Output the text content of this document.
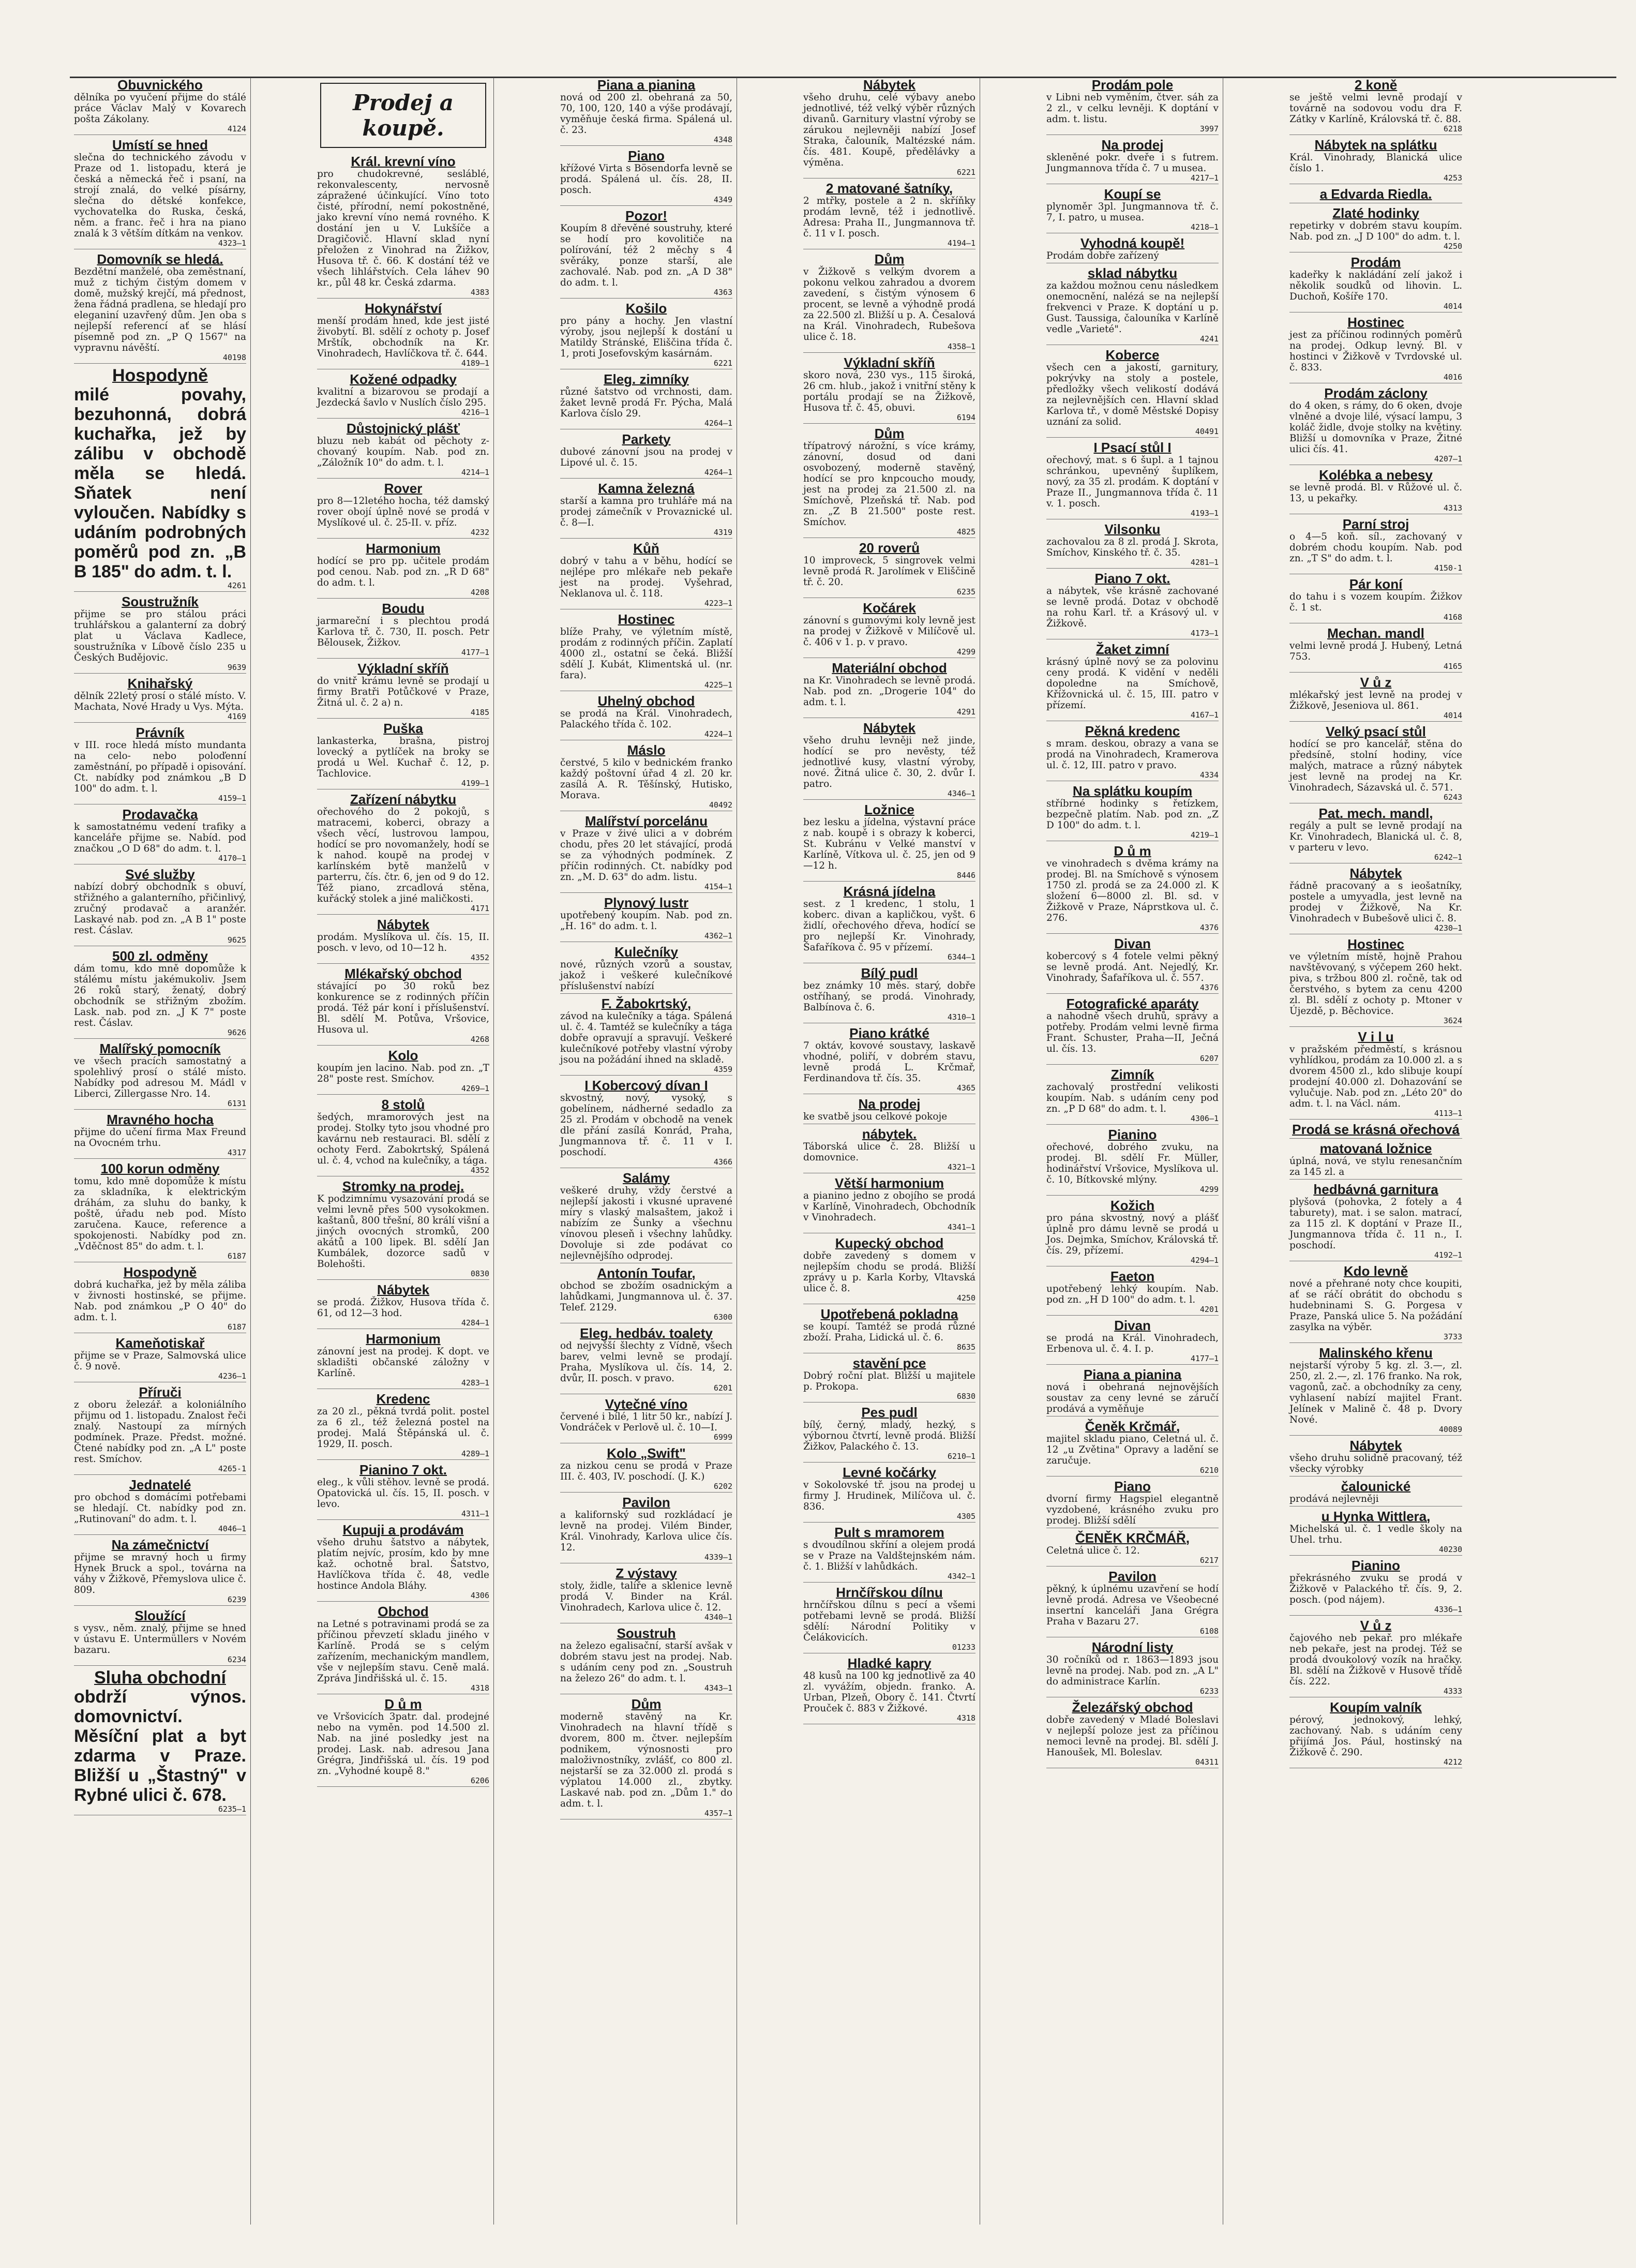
Obuvnického

dělníka po vyučení přijme do stálé práce Václav Malý v Kovarech pošta Zákolany.

4124
Umístí se hned

slečna do technického závodu v Praze od 1. listopadu, která je česká a německá řeč i psaní, na strojí znalá, do velké písárny, slečna do dětské konfekce, vychovatelka do Ruska, česká, něm. a franc. řeč i hra na piano znalá k 3 větším dítkám na venkov.

4323—1
Domovník se hledá.

Bezdětní manželé, oba zeměstnaní, muž z tichým čistým domem v domě, mužský krejčí, má přednost, žena řádná pradlena, se hledají pro eleganiní uzavřený dům. Jen oba s nejlepší referencí ať se hlásí písemně pod zn. „P Q 1567" na vypravnu návěští.

40198
Hospodyně

milé povahy, bezuhonná, dobrá kuchařka, jež by zálibu v obchodě měla se hledá. Sňatek není vyloučen. Nabídky s udáním podrobných poměrů pod zn. „B B 185" do adm. t. l.

4261
Soustružník

přijme se pro stálou práci truhlářskou a galanterní za dobrý plat u Václava Kadlece, soustružníka v Líbově číslo 235 u Českých Budějovic.

9639
Knihařský

dělník 22letý prosí o stálé místo. V. Machata, Nové Hrady u Vys. Mýta.

4169
Právník

v III. roce hledá místo mundanta na celo- nebo poloďenní zaměstnání, po případě i opisování. Ct. nabídky pod známkou „B D 100" do adm. t. l.

4159—1
Prodavačka

k samostatnému vedení trafiky a kanceláře přijme se. Nabíd. pod značkou „O D 68" do adm. t. l.

4170—1
Své služby

nabízí dobrý obchodník s obuví, střižného a galanterního, přičinlivý, zručný prodavač a aranžér. Laskavé nab. pod zn. „A B 1" poste rest. Čáslav.

9625
500 zl. odměny

dám tomu, kdo mně dopomůže k stálému místu jakémukoliv. Jsem 26 roků starý, ženatý, dobrý obchodník se střižným zbožím. Lask. nab. pod zn. „J K 7" poste rest. Čáslav.

9626
Malířský pomocník

ve všech pracích samostatný a spolehlivý prosí o stálé místo. Nabídky pod adresou M. Mádl v Liberci, Zillergasse Nro. 14.

6131
Mravného hocha

přijme do učení firma Max Freund na Ovocném trhu.

4317
100 korun odměny

tomu, kdo mně dopomůže k místu za skladníka, k elektrickým dráhám, za sluhu do banky, k poště, úřadu neb pod. Místo zaručena. Kauce, reference a spokojenosti. Nabídky pod zn. „Vděčnost 85" do adm. t. l.

6187
Hospodyně

dobrá kuchařka, jež by měla záliba v živnosti hostinské, se přijme. Nab. pod známkou „P O 40" do adm. t. l.

6187
Kameňotiskař

přijme se v Praze, Salmovská ulice č. 9 nově.

4236—1
Příruči

z oboru železář. a koloniálního přijmu od 1. listopadu. Znalost řeči znalý. Nastoupí za mírných podmínek. Praze. Předst. možné. Čtené nabídky pod zn. „A L" poste rest. Smíchov.

4265-1
Jednatelé

pro obchod s domácími potřebami se hledají. Ct. nabídky pod zn. „Rutinovaní" do adm. t. l.

4046—1
Na zámečnictví

přijme se mravný hoch u firmy Hynek Bruck a spol., továrna na váhy v Žižkově, Přemyslova ulice č. 809.

6239
Sloužící

s vysv., něm. znalý, přijme se hned v ústavu E. Untermüllers v Novém bazaru.

6234
Sluha obchodní

obdrží výnos. domovnictví. Měsíční plat a byt zdarma v Praze. Bližší u „Štastný" v Rybné ulici č. 678.

6235—1
Prodej a koupě.
Král. krevní víno

pro chudokrevné, sesláblé, rekonvalescenty, nervosně zápražené účinkující. Víno toto čisté, přírodní, nemí pokostněné, jako krevní víno nemá rovného. K dostání jen u V. Lukšíče a Dragičovič. Hlavní sklad nyní přeložen z Vinohrad na Žižkov, Husova tř. č. 66. K dostání též ve všech lihlářstvích. Cela láhev 90 kr., půl 48 kr. Česká zdarma.

4383
Hokynářství

menší prodám hned, kde jest jisté živobytí. Bl. sdělí z ochoty p. Josef Mrštík, obchodník na Kr. Vinohradech, Havlíčkova tř. č. 644.

4189—1
Kožené odpadky

kvalitní a bizarovou se prodají a Jezdecká šavlo v Nuslích číslo 295.

4216—1
Důstojnický plášť

bluzu neb kabát od pěchoty z-chovaný koupím. Nab. pod zn. „Záložník 10" do adm. t. l.

4214—1
Rover

pro 8—12letého hocha, též damský rover obojí úplně nové se prodá v Myslíkové ul. č. 25-II. v. příz.

4232
Harmonium

hodící se pro pp. učitele prodám pod cenou. Nab. pod zn. „R D 68" do adm. t. l.

4208
Boudu

jarmareční i s plechtou prodá Karlova tř. č. 730, II. posch. Petr Bělousek, Žižkov.

4177—1
Výkladní skříň

do vnitř krámu levně se prodají u firmy Bratři Potůčkové v Praze, Žitná ul. č. 2 a) n.

4185
Puška

lankasterka, brašna, pistroj lovecký a pytlíček na broky se prodá u Wel. Kuchař č. 12, p. Tachlovice.

4199—1
Zařízení nábytku

ořechového do 2 pokojů, s matracemi, koberci, obrazy a všech věcí, lustrovou lampou, hodící se pro novomanžely, hodí se k nahod. koupě na prodej v karlínském bytě manželů v parterru, čís. čtr. 6, jen od 9 do 12. Též piano, zrcadlová stěna, kuřácký stolek a jiné maličkosti.

4171
Nábytek

prodám. Myslíkova ul. čís. 15, II. posch. v levo, od 10—12 h.

4352
Mlékařský obchod

stávající po 30 roků bez konkurence se z rodinných příčin prodá. Též pár koní i příslušenství. Bl. sdělí M. Potůva, Vršovice, Husova ul.

4268
Kolo

koupím jen lacino. Nab. pod zn. „T 28" poste rest. Smíchov.

4269—1
8 stolů

šedých, mramorových jest na prodej. Stolky tyto jsou vhodné pro kavárnu neb restauraci. Bl. sdělí z ochoty Ferd. Zabokrtský, Spálená ul. č. 4, vchod na kulečníky, a tága.

4352
Stromky na prodej.

K podzimnímu vysazování prodá se velmi levně přes 500 vysokokmen. kaštanů, 800 třešní, 80 králí višní a jiných ovocných stromků, 200 akátů a 100 lipek. Bl. sdělí Jan Kumbálek, dozorce sadů v Bolehošti.

0830
Nábytek

se prodá. Žižkov, Husova třída č. 61, od 12—3 hod.

4284—1
Harmonium

zánovní jest na prodej. K dopt. ve skladišti občanské záložny v Karlíně.

4283—1
Kredenc

za 20 zl., pěkná tvrdá polit. postel za 6 zl., též železná postel na prodej. Malá Štěpánská ul. č. 1929, II. posch.

4289—1
Pianino 7 okt.

eleg., k vůli stěhov. levně se prodá. Opatovická ul. čís. 15, II. posch. v levo.

4311—1
Kupuji a prodávám

všeho druhu šatstvo a nábytek, platím nejvíc, prosím, kdo by mne kaž. ochotně bral. Šatstvo, Havlíčkova třída č. 48, vedle hostince Andola Bláhy.

4306
Obchod

na Letné s potravinami prodá se za příčinou převzetí skladu jiného v Karlíně. Prodá se s celým zařízením, mechanickým mandlem, vše v nejlepším stavu. Ceně malá. Zpráva Jindřišská ul. č. 15.

4318
D ů m

ve Vršovicích 3patr. dal. prodejné nebo na vyměn. pod 14.500 zl. Nab. na jiné posledky jest na prodej. Lask. nab. adresou Jana Grégra, Jindřišská ul. čís. 19 pod zn. „Vyhodné koupě 8."

6206
Piana a pianina

nová od 200 zl. obehraná za 50, 70, 100, 120, 140 a výše prodávají, vyměňuje česká firma. Spálená ul. č. 23.

4348
Piano

křížové Virta s Bösendorfa levně se prodá. Spálená ul. čís. 28, II. posch.

4349
Pozor!

Koupím 8 dřevěné soustruhy, které se hodí pro kovolitiče na polírování, též 2 měchy s 4 svěráky, ponze starší, ale zachovalé. Nab. pod zn. „A D 38" do adm. t. l.

4363
Košilo

pro pány a hochy. Jen vlastní výroby, jsou nejlepší k dostání u Matildy Stránské, Eliščina třída č. 1, proti Josefovským kasárnám.

6221
Eleg. zimníky

různé šatstvo od vrchnosti, dam. žaket levně prodá Fr. Pýcha, Malá Karlova číslo 29.

4264—1
Parkety

dubové zánovní jsou na prodej v Lipové ul. č. 15.

4264—1
Kamna železná

starší a kamna pro truhláře má na prodej zámečník v Provaznické ul. č. 8—I.

4319
Kůň

dobrý v tahu a v běhu, hodící se nejlépe pro mlékaře neb pekaře jest na prodej. Vyšehrad, Neklanova ul. č. 118.

4223—1
Hostinec

blíže Prahy, ve výletním místě, prodám z rodinných příčin. Zaplatí 4000 zl., ostatní se čeká. Bližší sdělí J. Kubát, Klimentská ul. (nr. fara).

4225—1
Uhelný obchod

se prodá na Král. Vinohradech, Palackého třída č. 102.

4224—1
Máslo

čerstvé, 5 kilo v bednickém franko každý poštovní úřad 4 zl. 20 kr. zasílá A. R. Těšínský, Hutisko, Morava.

40492
Malířství porcelánu

v Praze v živé ulici a v dobrém chodu, přes 20 let stávající, prodá se za výhodných podmínek. Z příčin rodinných. Ct. nabídky pod zn. „M. D. 63" do adm. listu.

4154—1
Plynový lustr

upotřebený koupím. Nab. pod zn. „H. 16" do adm. t. l.

4362—1
Kulečníky

nové, různých vzorů a soustav, jakož i veškeré kulečníkové příslušenství nabízí

F. Žabokrtský,

závod na kulečníky a tága. Spálená ul. č. 4. Tamtéž se kulečníky a tága dobře opravují a spravují. Veškeré kulečníkové potřeby vlastní výroby jsou na požádání ihned na skladě.

4359
I Kobercový dívan I

skvostný, nový, vysoký, s gobelínem, nádherné sedadlo za 25 zl. Prodám v obchodě na venek dle přání zasílá Konrád, Praha, Jungmannova tř. č. 11 v I. poschodí.

4366
Salámy

veškeré druhy, vždy čerstvé a nejlepší jakosti i vkusné upravené míry s vlaský malsaštem, jakož i nabízím ze Šunky a všechnu vínovou pleseň i všechny lahůdky. Dovoluje si zde podávat co nejlevnějšího odprodej.

Antonín Toufar,

obchod se zbožím osadnickým a lahůdkami, Jungmannova ul. č. 37. Telef. 2129.

6300
Eleg. hedbáv. toalety

od nejvyšší šlechty z Vídně, všech barev, velmi levně se prodají. Praha, Myslíkova ul. čís. 14, 2. dvůr, II. posch. v pravo.

6201
Vytečné víno

červené i bílé, 1 litr 50 kr., nabízí J. Vondráček v Perlově ul. č. 10—I.

6999
Kolo „Swift"

za nizkou cenu se prodá v Praze III. č. 403, IV. poschodí. (J. K.)

6202
Pavilon

a kalifornský sud rozkládací je levně na prodej. Vilém Binder, Král. Vinohrady, Karlova ulice čís. 12.

4339—1
Z výstavy

stoly, židle, talíře a sklenice levně prodá V. Binder na Král. Vinohradech, Karlova ulice č. 12.

4340—1
Soustruh

na železo egalisační, starší avšak v dobrém stavu jest na prodej. Nab. s udáním ceny pod zn. „Soustruh na železo 26" do adm. t. l.

4343—1
Dům

moderně stavěný na Kr. Vinohradech na hlavní třídě s dvorem, 800 m. čtver. nejlepším podnikem, výnosnosti pro maloživnostníky, zvlášť, co 800 zl. nejstarší se za 32.000 zl. prodá s výplatou 14.000 zl., zbytky. Laskavé nab. pod zn. „Dům 1." do adm. t. l.

4357—1
Nábytek

všeho druhu, celé výbavy anebo jednotlivé, též velký výběr různých divanů. Garnitury vlastní výroby se zárukou nejlevněji nabízí Josef Straka, čalouník, Maltézské nám. čís. 481. Koupě, předělávky a výměna.

6221
2 matované šatníky,

2 mtřky, postele a 2 n. skříňky prodám levně, též i jednotlivě. Adresa: Praha II., Jungmannova tř. č. 11 v I. posch.

4194—1
Dům

v Žižkově s velkým dvorem a pokonu velkou zahradou a dvorem zavedení, s čistým výnosem 6 procent, se levně a výhodně prodá za 22.500 zl. Bližší u p. A. Česalová na Král. Vinohradech, Rubešova ulice č. 18.

4358—1
Výkladní skříň

skoro nová, 230 vys., 115 široká, 26 cm. hlub., jakož i vnitřní stěny k portálu prodají se na Žižkově, Husova tř. č. 45, obuvi.

6194
Dům

třípatrový nárožní, s více krámy, zánovní, dosud od dani osvobozený, moderně stavěný, hodící se pro knpcoucho moudy, jest na prodej za 21.500 zl. na Smíchově, Plzeňská tř. Nab. pod zn. „Z B 21.500" poste rest. Smíchov.

4825
20 roverů

10 improveck, 5 singrovek velmi levně prodá R. Jarolímek v Eliščině tř. č. 20.

6235
Kočárek

zánovní s gumovými koly levně jest na prodej v Žižkově v Milíčově ul. č. 406 v 1. p. v pravo.

4299
Materiální obchod

na Kr. Vinohradech se levně prodá. Nab. pod zn. „Drogerie 104" do adm. t. l.

4291
Nábytek

všeho druhu levněji než jinde, hodící se pro nevěsty, též jednotlivé kusy, vlastní výroby, nové. Žitná ulice č. 30, 2. dvůr I. patro.

4346—1
Ložnice

bez lesku a jídelna, výstavní práce z nab. koupě i s obrazy k koberci, St. Kubránu v Velké manství v Karlíně, Vítkova ul. č. 25, jen od 9—12 h.

8446
Krásná jídelna

sest. z 1 kredenc, 1 stolu, 1 koberc. divan a kapličkou, vyšt. 6 židlí, ořechového dřeva, hodící se pro nejlepší Kr. Vinohrady, Šafaříkova č. 95 v přízemí.

6344—1
Bílý pudl

bez známky 10 měs. starý, dobře ostříhaný, se prodá. Vinohrady, Balbínova č. 6.

4310—1
Piano krátké

7 oktáv, kovové soustavy, laskavě vhodné, poliří, v dobrém stavu, levně prodá L. Krčmař, Ferdinandova tř. čís. 35.

4365
Na prodej

ke svatbě jsou celkové pokoje

nábytek.

Táborská ulice č. 28. Bližší u domovnice.

4321—1
Větší harmonium

a pianino jedno z obojího se prodá v Karlíně, Vinohradech, Obchodník v Vinohradech.

4341—1
Kupecký obchod

dobře zavedený s domem v nejlepším chodu se prodá. Bližší zprávy u p. Karla Korby, Vltavská ulice č. 8.

4250
Upotřebená pokladna

se koupí. Tamtéž se prodá různé zboží. Praha, Lidická ul. č. 6.

8635
stavění pce

Dobrý roční plat. Bližší u majitele p. Prokopa.

6830
Pes pudl

bílý, černý, mladý, hezký, s výbornou čtvrtí, levně prodá. Bližší Žižkov, Palackého č. 13.

6210—1
Levné kočárky

v Sokolovské tř. jsou na prodej u firmy J. Hrudinek, Milíčova ul. č. 836.

4305
Pult s mramorem

s dvoudílnou skříní a olejem prodá se v Praze na Valdštejnském nám. č. 1. Bližší v lahůdkách.

4342—1
Hrnčířskou dílnu

hrnčířskou dílnu s pecí a všemi potřebami levně se prodá. Bližší sdělí: Národní Politiky v Čelákovicích.

01233
Hladké kapry

48 kusů na 100 kg jednotlivě za 40 zl. vyvážím, objedn. franko. A. Urban, Plzeň, Obory č. 141. Čtvrtí Prouček č. 883 v Žižkové.

4318
Prodám pole

v Libni neb vyměním, čtver. sáh za 2 zl., v celku levněji. K doptání v adm. t. listu.

3997
Na prodej

skleněné pokr. dveře i s futrem. Jungmannova třída č. 7 u musea.

4217—1
Koupí se

plynoměr 3pl. Jungmannova tř. č. 7, I. patro, u musea.

4218—1
Vyhodná koupě!

Prodám dobře zařízený

sklad nábytku

za každou možnou cenu následkem onemocnění, nalézá se na nejlepší frekvenci v Praze. K doptání u p. Gust. Taussiga, čalouníka v Karlíně vedle „Varieté".

4241
Koberce

všech cen a jakostí, garnitury, pokrývky na stoly a postele, předložky všech velikostí dodává za nejlevnějších cen. Hlavní sklad Karlova tř., v domě Městské Dopisy uznání za solid.

40491
I Psací stůl I

ořechový, mat. s 6 šupl. a 1 tajnou schránkou, upevněný šuplíkem, nový, za 35 zl. prodám. K doptání v Praze II., Jungmannova třída č. 11 v. 1. posch.

4193—1
Vilsonku

zachovalou za 8 zl. prodá J. Skrota, Smíchov, Kinského tř. č. 35.

4281—1
Piano 7 okt.

a nábytek, vše krásně zachované se levně prodá. Dotaz v obchodě na rohu Karl. tř. a Krásový ul. v Žižkově.

4173—1
Žaket zimní

krásný úplně nový se za polovinu ceny prodá. K vidění v neděli dopoledne na Smíchově, Křížovnická ul. č. 15, III. patro v přízemí.

4167—1
Pěkná kredenc

s mram. deskou, obrazy a vana se prodá na Vinohradech, Kramerova ul. č. 12, III. patro v pravo.

4334
Na splátku koupím

stříbrné hodinky s řetízkem, bezpečně platím. Nab. pod zn. „Z D 100" do adm. t. l.

4219—1
D ů m

ve vinohradech s dvěma krámy na prodej. Bl. na Smíchově s výnosem 1750 zl. prodá se za 24.000 zl. K složení 6—8000 zl. Bl. sd. v Žižkově v Praze, Náprstkova ul. č. 276.

4376
Divan

kobercový s 4 fotele velmi pěkný se levně prodá. Ant. Nejedlý, Kr. Vinohrady, Šafaříkova ul. č. 557.

4376
Fotografické aparáty

a nahodně všech druhů, správy a potřeby. Prodám velmi levně firma Frant. Schuster, Praha—II, Ječná ul. čís. 13.

6207
Zimník

zachovalý prostřední velikosti koupím. Nab. s udáním ceny pod zn. „P D 68" do adm. t. l.

4306—1
Pianino

ořechové, dobrého zvuku, na prodej. Bl. sdělí Fr. Müller, hodinářství Vršovice, Myslíkova ul. č. 10, Bítkovské mlýny.

4299
Kožich

pro pána skvostný, nový a plášť úplně pro dámu levně se prodá u Jos. Dejmka, Smíchov, Královská tř. čís. 29, přízemí.

4294—1
Faeton

upotřebený lehký koupím. Nab. pod zn. „H D 100" do adm. t. l.

4201
Divan

se prodá na Král. Vinohradech, Erbenova ul. č. 4. I. p.

4177—1
Piana a pianina

nová i obehraná nejnovějších soustav za ceny levné se záručí prodává a vyměňuje

Čeněk Krčmář,

majitel skladu piano, Celetná ul. č. 12 „u Zvětina" Opravy a ladění se zaručuje.

6210
Piano

dvorní firmy Hagspiel elegantně vyzdobené, krásného zvuku pro prodej. Bližší sdělí

ČENĚK KRČMÁŘ,

Celetná ulice č. 12.

6217
Pavilon

pěkný, k úplnému uzavření se hodí levně prodá. Adresa ve Všeobecné insertní kanceláři Jana Grégra Praha v Bazaru 27.

6108
Národní listy

30 ročníků od r. 1863—1893 jsou levně na prodej. Nab. pod zn. „A L" do administrace Karlín.

6233
Železářský obchod

dobře zavedený v Mladé Boleslavi v nejlepší poloze jest za příčinou nemoci levně na prodej. Bl. sdělí J. Hanoušek, Ml. Boleslav.

04311
2 koně

se ještě velmi levně prodají v továrně na sodovou vodu dra F. Zátky v Karlíně, Královská tř. č. 88.

6218
Nábytek na splátku

Král. Vinohrady, Blanická ulice číslo 1.

4253
a Edvarda Riedla.
Zlaté hodinky

repetirky v dobrém stavu koupím. Nab. pod zn. „J D 100" do adm. t. l.

4250
Prodám

kadeřky k nakládání zelí jakož i několik soudků od lihovin. L. Duchoň, Košíře 170.

4014
Hostinec

jest za příčinou rodinných poměrů na prodej. Odkup levný. Bl. v hostinci v Žižkově v Tvrdovské ul. č. 833.

4016
Prodám záclony

do 4 oken, s rámy, do 6 oken, dvoje vlněné a dvoje lilé, výsací lampu, 3 koláč židle, dvoje stolky na květiny. Bližší u domovníka v Praze, Žitné ulici čís. 41.

4207—1
Kolébka a nebesy

se levně prodá. Bl. v Růžové ul. č. 13, u pekařky.

4313
Parní stroj

o 4—5 koň. síl., zachovaný v dobrém chodu koupím. Nab. pod zn. „T S" do adm. t. l.

4150-1
Pár koní

do tahu i s vozem koupím. Žižkov č. 1 st.

4168
Mechan. mandl

velmi levně prodá J. Hubený, Letná 753.

4165
V ů z

mlékařský jest levně na prodej v Žižkově, Jeseniova ul. 861.

4014
Velký psací stůl

hodící se pro kancelář, stěna do předsíně, stolní hodiny, více malých, matrace a různý nábytek jest levně na prodej na Kr. Vinohradech, Sázavská ul. č. 571.

6243
Pat. mech. mandl,

regály a pult se levně prodají na Kr. Vinohradech, Blanická ul. č. 8, v parteru v levo.

6242—1
Nábytek

řádně pracovaný a s ieošatníky, postele a umyvadla, jest levně na prodej v Žižkově, Na Kr. Vinohradech v Bubešově ulici č. 8.

4230—1
Hostinec

ve výletním místě, hojně Prahou navštěvovaný, s výčepem 260 hekt. piva, s tržbou 800 zl. ročně, tak od čerstvého, s bytem za cenu 4200 zl. Bl. sdělí z ochoty p. Mtoner v Újezdě, p. Běchovice.

3624
V i l u

v pražském předměstí, s krásnou vyhlídkou, prodám za 10.000 zl. a s dvorem 4500 zl., kdo slibuje koupí prodejní 40.000 zl. Dohazování se vylučuje. Nab. pod zn. „Léto 20" do adm. t. l. na Václ. nám.

4113—1
Prodá se krásná ořechová
matovaná ložnice

úplná, nová, ve stylu renesančním za 145 zl. a

hedbávná garnitura

plyšová (pohovka, 2 fotely a 4 taburety), mat. i se salon. matrací, za 115 zl. K doptání v Praze II., Jungmannova třída č. 11 n., I. poschodí.

4192—1
Kdo levně

nové a přehrané noty chce koupiti, ať se ráčí obrátit do obchodu s hudebninami S. G. Porgesa v Praze, Panská ulice 5. Na požádání zasylka na výběr.

3733
Malinského křenu

nejstarší výroby 5 kg. zl. 3.—, zl. 250, zl. 2.—, zl. 176 franko. Na rok, vagonů, zač. a obchodníky za ceny, vyhlasení nabízí majitel Frant. Jelínek v Malině č. 48 p. Dvory Nové.

40089
Nábytek

všeho druhu solidně pracovaný, též všecky výrobky

čalounické

prodává nejlevněji

u Hynka Wittlera,

Michelská ul. č. 1 vedle školy na Uhel. trhu.

40230
Pianino

překrásného zvuku se prodá v Žižkově v Palackého tř. čís. 9, 2. posch. (pod nájem).

4336—1
V ů z

čajového neb pekař. pro mlékaře neb pekaře, jest na prodej. Též se prodá dvoukolový vozík na hračky. Bl. sdělí na Žižkově v Husově třídě čís. 222.

4333
Koupím valník

pérový, jednokový, lehký, zachovaný. Nab. s udáním ceny přijímá Jos. Pául, hostinský na Žižkově č. 290.

4212
